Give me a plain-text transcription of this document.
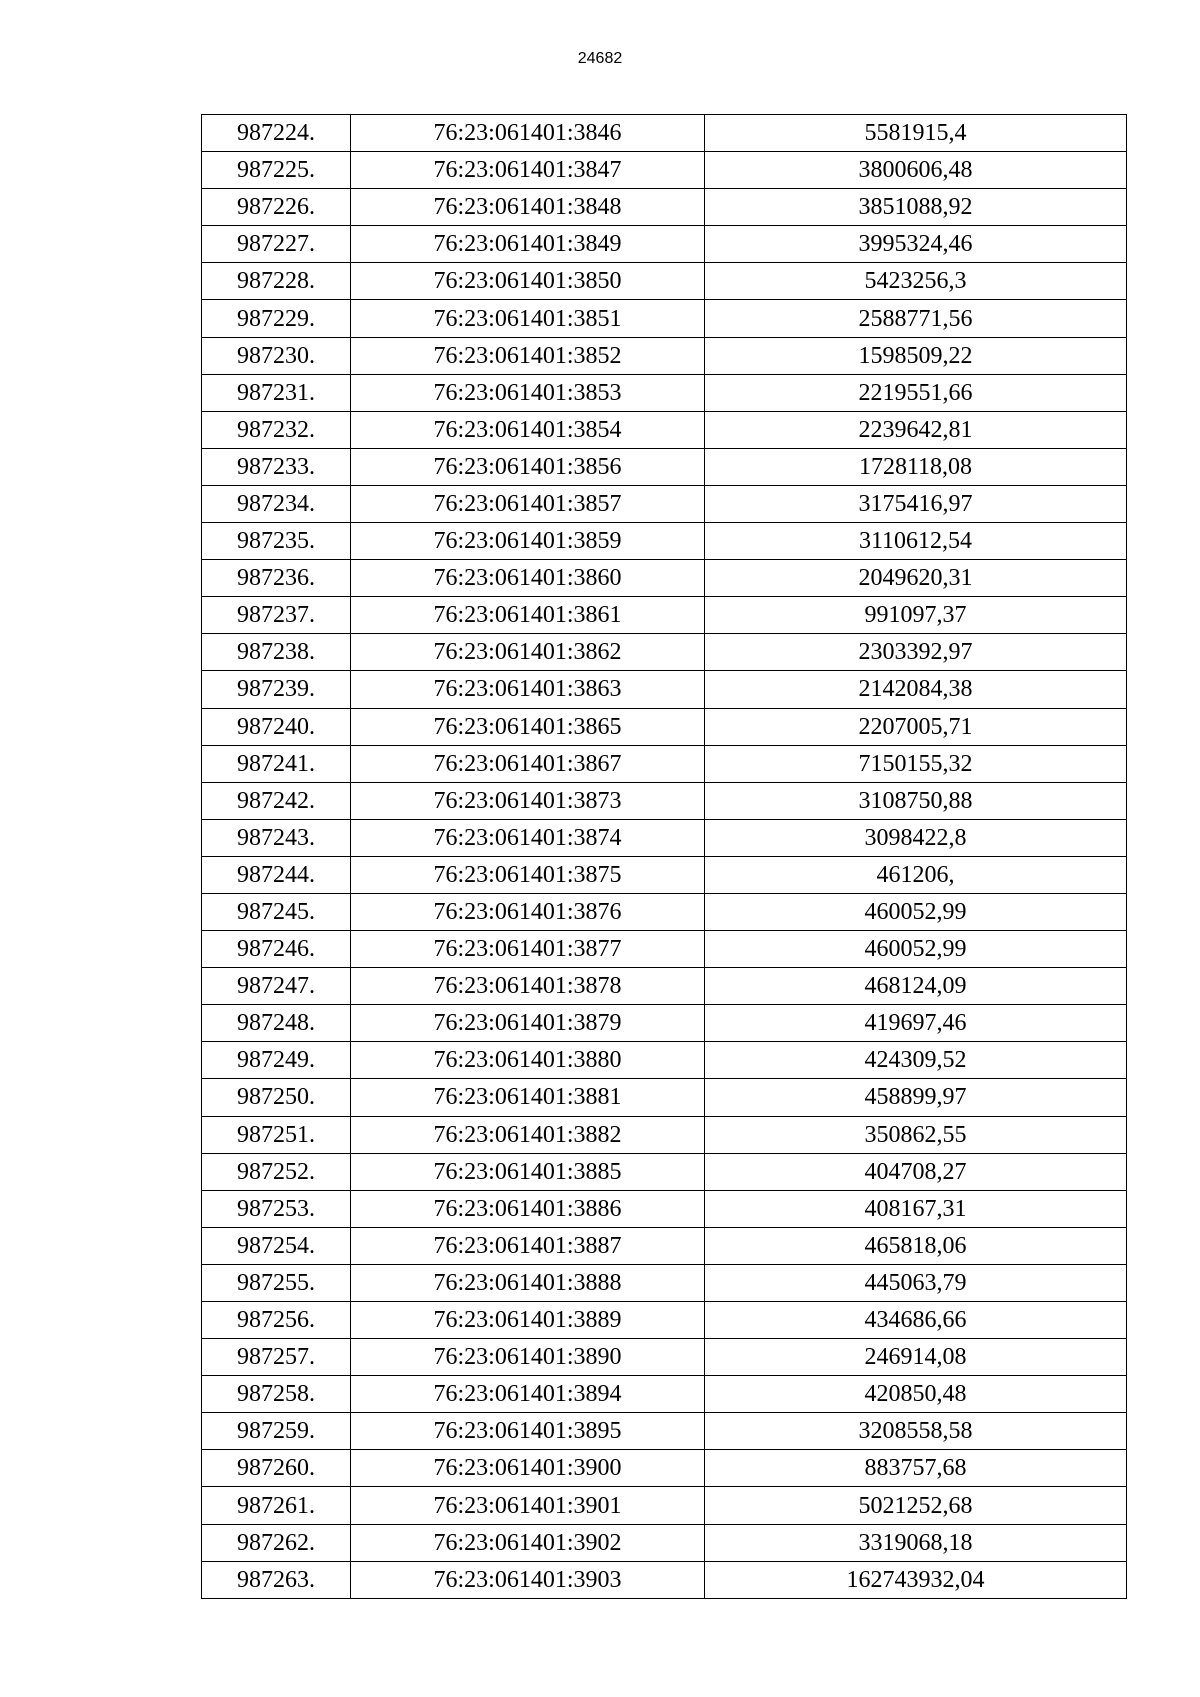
24682
987224.	76:23:061401:3846	5581915,4
987225.	76:23:061401:3847	3800606,48
987226.	76:23:061401:3848	3851088,92
987227.	76:23:061401:3849	3995324,46
987228.	76:23:061401:3850	5423256,3
987229.	76:23:061401:3851	2588771,56
987230.	76:23:061401:3852	1598509,22
987231.	76:23:061401:3853	2219551,66
987232.	76:23:061401:3854	2239642,81
987233.	76:23:061401:3856	1728118,08
987234.	76:23:061401:3857	3175416,97
987235.	76:23:061401:3859	3110612,54
987236.	76:23:061401:3860	2049620,31
987237.	76:23:061401:3861	991097,37
987238.	76:23:061401:3862	2303392,97
987239.	76:23:061401:3863	2142084,38
987240.	76:23:061401:3865	2207005,71
987241.	76:23:061401:3867	7150155,32
987242.	76:23:061401:3873	3108750,88
987243.	76:23:061401:3874	3098422,8
987244.	76:23:061401:3875	461206,
987245.	76:23:061401:3876	460052,99
987246.	76:23:061401:3877	460052,99
987247.	76:23:061401:3878	468124,09
987248.	76:23:061401:3879	419697,46
987249.	76:23:061401:3880	424309,52
987250.	76:23:061401:3881	458899,97
987251.	76:23:061401:3882	350862,55
987252.	76:23:061401:3885	404708,27
987253.	76:23:061401:3886	408167,31
987254.	76:23:061401:3887	465818,06
987255.	76:23:061401:3888	445063,79
987256.	76:23:061401:3889	434686,66
987257.	76:23:061401:3890	246914,08
987258.	76:23:061401:3894	420850,48
987259.	76:23:061401:3895	3208558,58
987260.	76:23:061401:3900	883757,68
987261.	76:23:061401:3901	5021252,68
987262.	76:23:061401:3902	3319068,18
987263.	76:23:061401:3903	162743932,04
